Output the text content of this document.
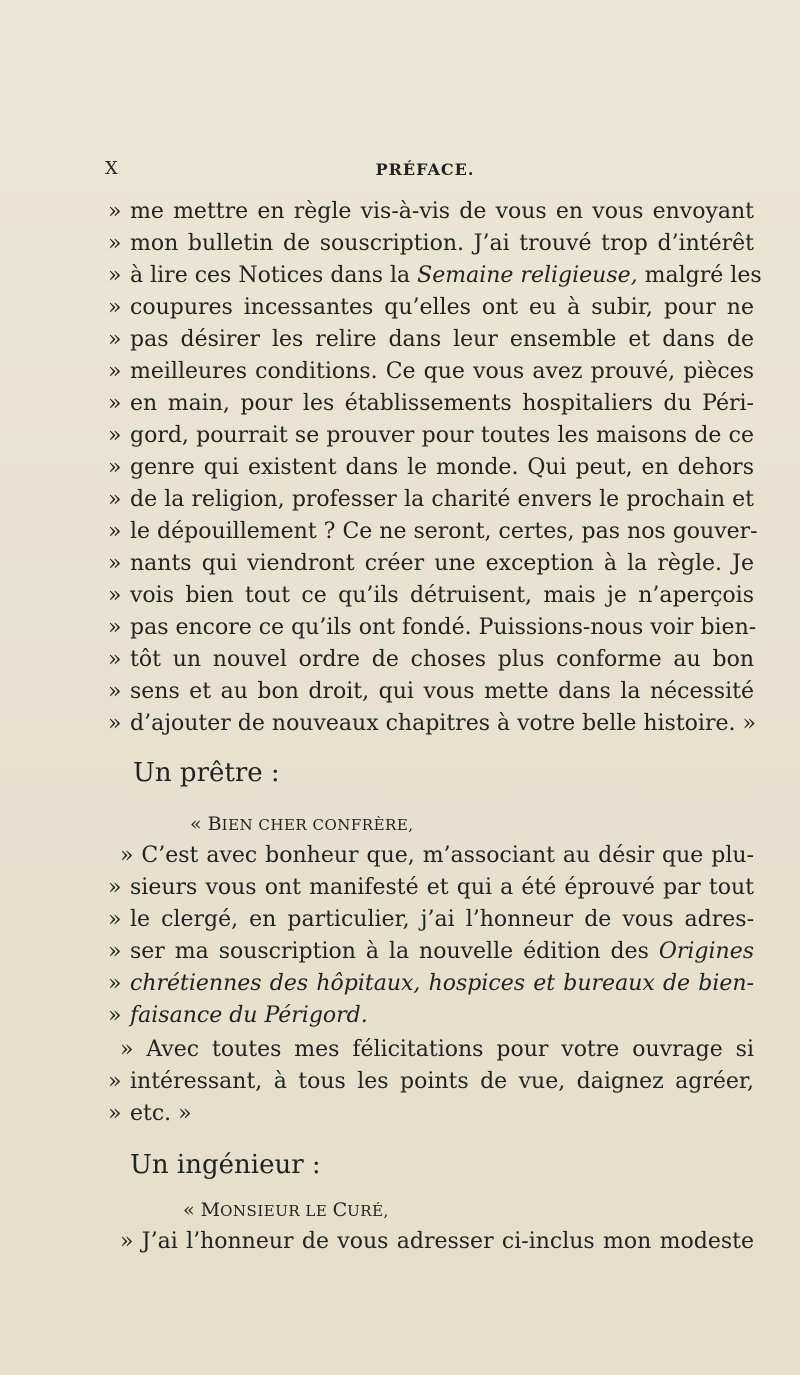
X	PRÉFACE.
» me mettre en règle vis-à-vis de vous en vous envoyant
» mon bulletin de souscription. J’ai trouvé trop d’intérêt
» à lire ces Notices dans la Semaine religieuse, malgré les
» coupures incessantes qu’elles ont eu à subir, pour ne
» pas désirer les relire dans leur ensemble et dans de
» meilleures conditions. Ce que vous avez prouvé, pièces
» en main, pour les établissements hospitaliers du Péri-
» gord, pourrait se prouver pour toutes les maisons de ce
» genre qui existent dans le monde. Qui peut, en dehors
» de la religion, professer la charité envers le prochain et
» le dépouillement ? Ce ne seront, certes, pas nos gouver-
» nants qui viendront créer une exception à la règle. Je
» vois bien tout ce qu’ils détruisent, mais je n’aperçois
» pas encore ce qu’ils ont fondé. Puissions-nous voir bien-
» tôt un nouvel ordre de choses plus conforme au bon
» sens et au bon droit, qui vous mette dans la nécessité
» d’ajouter de nouveaux chapitres à votre belle histoire. »
Un prêtre :
« BIEN CHER CONFRÈRE,
» C’est avec bonheur que, m’associant au désir que plu-
» sieurs vous ont manifesté et qui a été éprouvé par tout
» le clergé, en particulier, j’ai l’honneur de vous adres-
» ser ma souscription à la nouvelle édition des Origines
» chrétiennes des hôpitaux, hospices et bureaux de bien-
» faisance du Périgord.
» Avec toutes mes félicitations pour votre ouvrage si
» intéressant, à tous les points de vue, daignez agréer,
» etc. »
Un ingénieur :
« MONSIEUR LE CURÉ,
» J’ai l’honneur de vous adresser ci-inclus mon modeste
